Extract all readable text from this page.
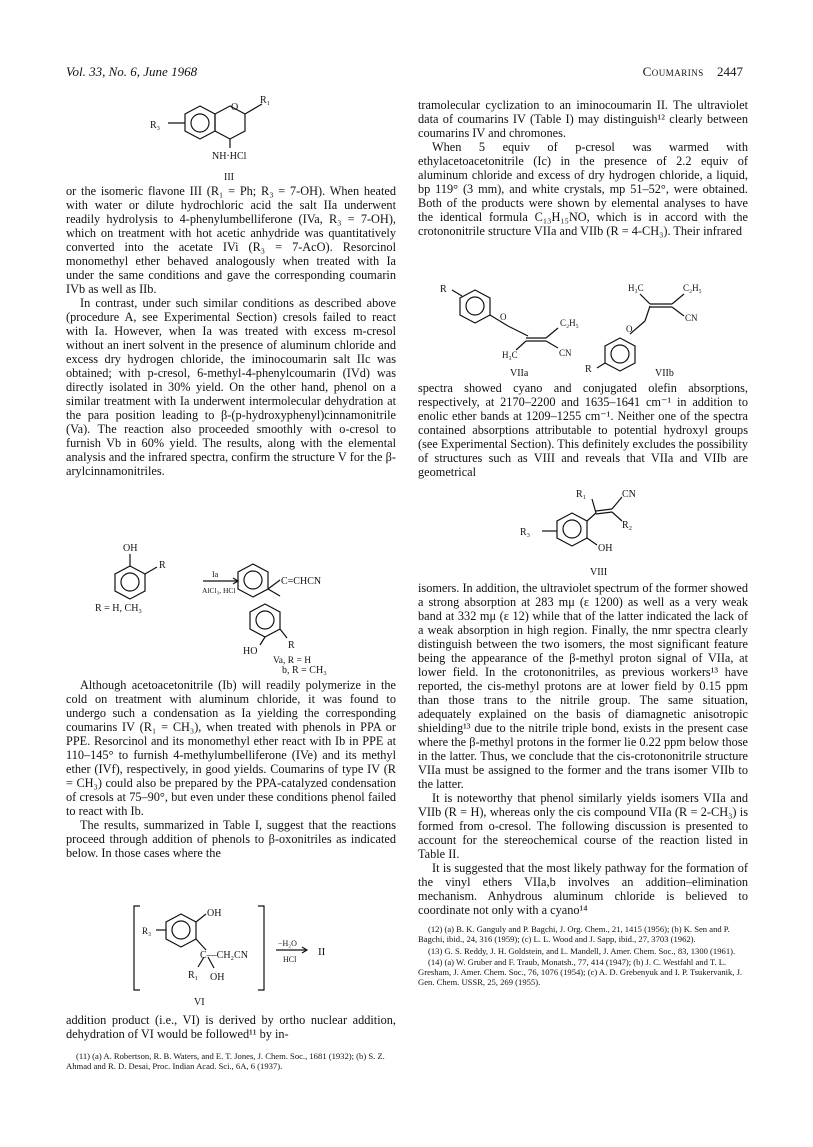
Vol. 33, No. 6, June 1968	Coumarins 2447
O
R₁
R₃
NH·HCl
III

or the isomeric flavone III (R₁ = Ph; R₃ = 7-OH). When heated with water or dilute hydrochloric acid the salt IIa underwent readily hydrolysis to 4-phenylumbelliferone (IVa, R₃ = 7-OH), which on treatment with hot acetic anhydride was quantitatively converted into the acetate IVi (R₃ = 7-AcO). Resorcinol monomethyl ether behaved analogously when treated with Ia under the same conditions and gave the corresponding coumarin IVb as well as IIb.

In contrast, under such similar conditions as described above (procedure A, see Experimental Section) cresols failed to react with Ia. However, when Ia was treated with excess m-cresol without an inert solvent in the presence of aluminum chloride and excess dry hydrogen chloride, the iminocoumarin salt IIc was obtained; with p-cresol, 6-methyl-4-phenylcoumarin (IVd) was directly isolated in 30% yield. On the other hand, phenol on a similar treatment with Ia underwent intermolecular dehydration at the para position leading to β-(p-hydroxyphenyl)cinnamonitrile (Va). The reaction also proceeded smoothly with o-cresol to furnish Vb in 60% yield. The results, along with the elemental analysis and the infrared spectra, confirm the structure V for the β-arylcinnamonitriles.

OH
R
R = H, CH₃
Ia
AlCl₃, HCl
C=CHCN
HO
R
Va, R = H
b, R = CH₃

Although acetoacetonitrile (Ib) will readily polymerize in the cold on treatment with aluminum chloride, it was found to undergo such a condensation as Ia yielding the corresponding coumarins IV (R₁ = CH₃), when treated with phenols in PPA or PPE. Resorcinol and its monomethyl ether react with Ib in PPE at 110–145° to furnish 4-methylumbelliferone (IVe) and its methyl ether (IVf), respectively, in good yields. Coumarins of type IV (R = CH₃) could also be prepared by the PPA-catalyzed condensation of cresols at 75–90°, but even under these conditions phenol failed to react with Ib.

The results, summarized in Table I, suggest that the reactions proceed through addition of phenols to β-oxonitriles as indicated below. In those cases where the

OH
R₃
C—CH₂CN
R₁ OH
−H₂O
HCl
II
VI

addition product (i.e., VI) is derived by ortho nuclear addition, dehydration of VI would be followed¹¹ by in-

(11) (a) A. Robertson, R. B. Waters, and E. T. Jones, J. Chem. Soc., 1681 (1932); (b) S. Z. Ahmad and R. D. Desai, Proc. Indian Acad. Sci., 6A, 6 (1937).

tramolecular cyclization to an iminocoumarin II. The ultraviolet data of coumarins IV (Table I) may distinguish¹² clearly between coumarins IV and chromones.

When 5 equiv of p-cresol was warmed with ethylacetoacetonitrile (Ic) in the presence of 2.2 equiv of aluminum chloride and excess of dry hydrogen chloride, a liquid, bp 119° (3 mm), and white crystals, mp 51–52°, were obtained. Both of the products were shown by elemental analyses to have the identical formula C₁₃H₁₅NO, which is in accord with the crotononitrile structure VIIa and VIIb (R = 4-CH₃). Their infrared

R
O
C₂H₅
H₃C	CN
VIIa	R
O
H₃C	C₂H₅
CN
VIIb

spectra showed cyano and conjugated olefin absorptions, respectively, at 2170–2200 and 1635–1641 cm⁻¹ in addition to enolic ether bands at 1209–1255 cm⁻¹. Neither one of the spectra contained absorptions attributable to potential hydroxyl groups (see Experimental Section). This definitely excludes the possibility of structures such as VIII and reveals that VIIa and VIIb are geometrical

R₁	CN
R₂
R₃
OH
VIII

isomers. In addition, the ultraviolet spectrum of the former showed a strong absorption at 283 mμ (ε 1200) as well as a very weak band at 332 mμ (ε 12) while that of the latter indicated the lack of a weak absorption in high region. Finally, the nmr spectra clearly distinguish between the two isomers, the most significant feature being the appearance of the β-methyl proton signal of VIIa, at lower field. In the crotononitriles, as previous workers¹³ have reported, the cis-methyl protons are at lower field by 0.15 ppm than those trans to the nitrile group. The same situation, adequately explained on the basis of diamagnetic anisotropic shielding¹³ due to the nitrile triple bond, exists in the present case where the β-methyl protons in the former lie 0.22 ppm below those in the latter. Thus, we conclude that the cis-crotononitrile structure VIIa must be assigned to the former and the trans isomer VIIb to the latter.

It is noteworthy that phenol similarly yields isomers VIIa and VIIb (R = H), whereas only the cis compound VIIa (R = 2-CH₃) is formed from o-cresol. The following discussion is presented to account for the stereochemical course of the reaction listed in Table II.

It is suggested that the most likely pathway for the formation of the vinyl ethers VIIa,b involves an addition–elimination mechanism. Anhydrous aluminum chloride is believed to coordinate not only with a cyano¹⁴

(12) (a) B. K. Ganguly and P. Bagchi, J. Org. Chem., 21, 1415 (1956); (b) K. Sen and P. Bagchi, ibid., 24, 316 (1959); (c) L. L. Wood and J. Sapp, ibid., 27, 3703 (1962).

(13) G. S. Reddy, J. H. Goldstein, and L. Mandell, J. Amer. Chem. Soc., 83, 1300 (1961).

(14) (a) W. Gruber and F. Traub, Monatsh., 77, 414 (1947); (b) J. C. Westfahl and T. L. Gresham, J. Amer. Chem. Soc., 76, 1076 (1954); (c) A. D. Grebenyuk and I. P. Tsukervanik, J. Gen. Chem. USSR, 25, 269 (1955).
